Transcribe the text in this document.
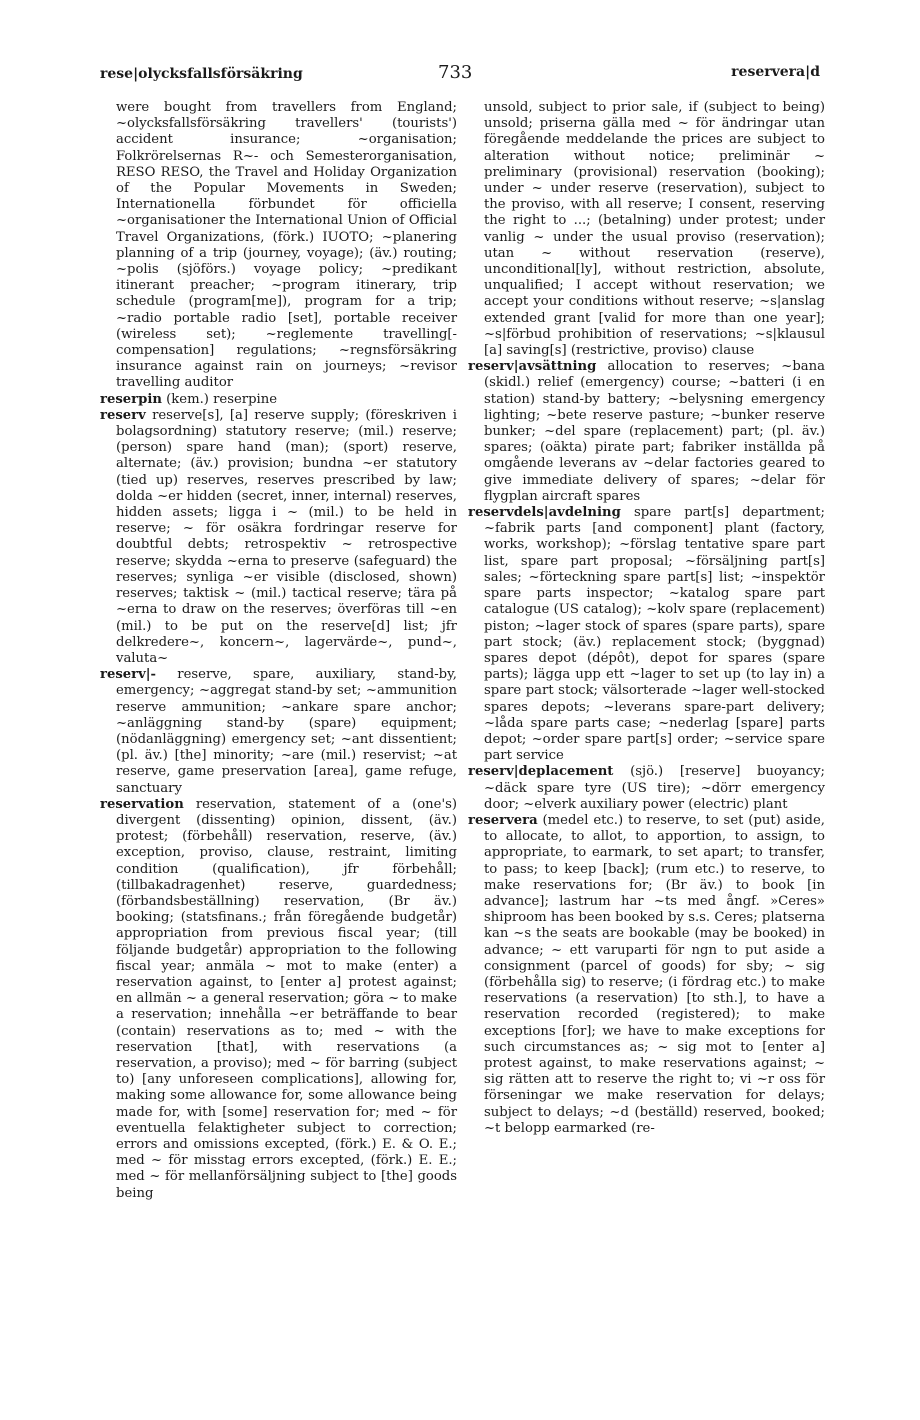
rese|olycksfallsförsäkring	733	reservera|d

were bought from travellers from England; ~olycksfallsförsäkring travellers' (tourists') accident insurance; ~organisation; Folkrörelsernas R~- och Semesterorganisation, RESO RESO, the Travel and Holiday Organization of the Popular Movements in Sweden; Internationella förbundet för officiella ~organisationer the International Union of Official Travel Organizations, (förk.) IUOTO; ~planering planning of a trip (journey, voyage); (äv.) routing; ~polis (sjöförs.) voyage policy; ~predikant itinerant preacher; ~program itinerary, trip schedule (program[me]), program for a trip; ~radio portable radio [set], portable receiver (wireless set); ~reglemente travelling[-compensation] regulations; ~regnsförsäkring insurance against rain on journeys; ~revisor travelling auditor

reserpin (kem.) reserpine

reserv reserve[s], [a] reserve supply; (föreskriven i bolagsordning) statutory reserve; (mil.) reserve; (person) spare hand (man); (sport) reserve, alternate; (äv.) provision; bundna ~er statutory (tied up) reserves, reserves prescribed by law; dolda ~er hidden (secret, inner, internal) reserves, hidden assets; ligga i ~ (mil.) to be held in reserve; ~ för osäkra fordringar reserve for doubtful debts; retrospektiv ~ retrospective reserve; skydda ~erna to preserve (safeguard) the reserves; synliga ~er visible (disclosed, shown) reserves; taktisk ~ (mil.) tactical reserve; tära på ~erna to draw on the reserves; överföras till ~en (mil.) to be put on the reserve[d] list; jfr delkredere~, koncern~, lagervärde~, pund~, valuta~

reserv|- reserve, spare, auxiliary, stand-by, emergency; ~aggregat stand-by set; ~ammunition reserve ammunition; ~ankare spare anchor; ~anläggning stand-by (spare) equipment; (nödanläggning) emergency set; ~ant dissentient; (pl. äv.) [the] minority; ~are (mil.) reservist; ~at reserve, game preservation [area], game refuge, sanctuary

reservation reservation, statement of a (one's) divergent (dissenting) opinion, dissent, (äv.) protest; (förbehåll) reservation, reserve, (äv.) exception, proviso, clause, restraint, limiting condition (qualification), jfr förbehåll; (tillbakadragenhet) reserve, guardedness; (förbandsbeställning) reservation, (Br äv.) booking; (statsfinans.; från föregående budgetår) appropriation from previous fiscal year; (till följande budgetår) appropriation to the following fiscal year; anmäla ~ mot to make (enter) a reservation against, to [enter a] protest against; en allmän ~ a general reservation; göra ~ to make a reservation; innehålla ~er beträffande to bear (contain) reservations as to; med ~ with the reservation [that], with reservations (a reservation, a proviso); med ~ för barring (subject to) [any unforeseen complications], allowing for, making some allowance for, some allowance being made for, with [some] reservation for; med ~ för eventuella felaktigheter subject to correction; errors and omissions excepted, (förk.) E. & O. E.; med ~ för misstag errors excepted, (förk.) E. E.; med ~ för mellanförsäljning subject to [the] goods being

unsold, subject to prior sale, if (subject to being) unsold; priserna gälla med ~ för ändringar utan föregående meddelande the prices are subject to alteration without notice; preliminär ~ preliminary (provisional) reservation (booking); under ~ under reserve (reservation), subject to the proviso, with all reserve; I consent, reserving the right to ...; (betalning) under protest; under vanlig ~ under the usual proviso (reservation); utan ~ without reservation (reserve), unconditional[ly], without restriction, absolute, unqualified; I accept without reservation; we accept your conditions without reserve; ~s|anslag extended grant [valid for more than one year]; ~s|förbud prohibition of reservations; ~s|klausul [a] saving[s] (restrictive, proviso) clause

reserv|avsättning allocation to reserves; ~bana (skidl.) relief (emergency) course; ~batteri (i en station) stand-by battery; ~belysning emergency lighting; ~bete reserve pasture; ~bunker reserve bunker; ~del spare (replacement) part; (pl. äv.) spares; (oäkta) pirate part; fabriker inställda på omgående leverans av ~delar factories geared to give immediate delivery of spares; ~delar för flygplan aircraft spares

reservdels|avdelning spare part[s] department; ~fabrik parts [and component] plant (factory, works, workshop); ~förslag tentative spare part list, spare part proposal; ~försäljning part[s] sales; ~förteckning spare part[s] list; ~inspektör spare parts inspector; ~katalog spare part catalogue (US catalog); ~kolv spare (replacement) piston; ~lager stock of spares (spare parts), spare part stock; (äv.) replacement stock; (byggnad) spares depot (dépôt), depot for spares (spare parts); lägga upp ett ~lager to set up (to lay in) a spare part stock; välsorterade ~lager well-stocked spares depots; ~leverans spare-part delivery; ~låda spare parts case; ~nederlag [spare] parts depot; ~order spare part[s] order; ~service spare part service

reserv|deplacement (sjö.) [reserve] buoyancy; ~däck spare tyre (US tire); ~dörr emergency door; ~elverk auxiliary power (electric) plant

reservera (medel etc.) to reserve, to set (put) aside, to allocate, to allot, to apportion, to assign, to appropriate, to earmark, to set apart; to transfer, to pass; to keep [back]; (rum etc.) to reserve, to make reservations for; (Br äv.) to book [in advance]; lastrum har ~ts med ångf. »Ceres» shiproom has been booked by s.s. Ceres; platserna kan ~s the seats are bookable (may be booked) in advance; ~ ett varuparti för ngn to put aside a consignment (parcel of goods) for sby; ~ sig (förbehålla sig) to reserve; (i fördrag etc.) to make reservations (a reservation) [to sth.], to have a reservation recorded (registered); to make exceptions [for]; we have to make exceptions for such circumstances as; ~ sig mot to [enter a] protest against, to make reservations against; ~ sig rätten att to reserve the right to; vi ~r oss för förseningar we make reservation for delays; subject to delays; ~d (beställd) reserved, booked; ~t belopp earmarked (re-
